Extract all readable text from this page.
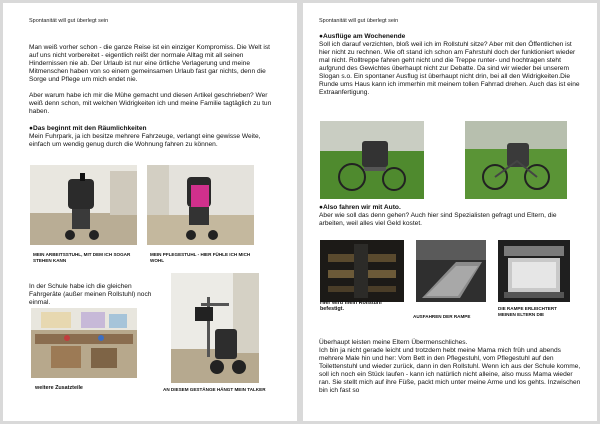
Spontanität will gut überlegt sein

Man weiß vorher schon - die ganze Reise ist ein einziger Kompromiss. Die Welt ist auf uns nicht vorbereitet - eigentlich reißt der normale Alltag mit all seinen Hindernissen nie ab. Der Urlaub ist nur eine örtliche Verlagerung und meine Mitmenschen haben von so einem gemeinsamen Urlaub fast gar nichts, denn die Sorge und Pflege um mich endet nie.

Aber warum habe ich mir die Mühe gemacht und diesen Artikel geschrieben? Wer weiß denn schon, mit welchen Widrigkeiten ich und meine Familie tagtäglich zu tun haben.

●Das beginnt mit den Räumlichkeiten

Mein Fuhrpark, ja ich besitze mehrere Fahrzeuge, verlangt eine gewisse Weite, einfach um wendig genug durch die Wohnung fahren zu können.

MEIN ARBEITSSTUHL, MIT DEM ICH SOGAR STEHEN KANN

MEIN PFLEGESTUHL - HIER FÜHLE ICH MICH WOHL

In der Schule habe ich die gleichen Fahrgeräte (außer meinen Rollstuhl) noch einmal.

weitere Zusatzteile	AN DIESEM GESTÄNGE HÄNGT MEIN TALKER

Spontanität will gut überlegt sein

●Ausflüge am Wochenende

Soll ich darauf verzichten, bloß weil ich im Rollstuhl sitze? Aber mit den Öffentlichen ist hier nicht zu rechnen. Wie oft stand ich schon am Fahrstuhl doch der funktioniert wieder mal nicht. Rolltreppe fahren geht nicht und die Treppe runter- und hochtragen steht aufgrund des Gewichtes überhaupt nicht zur Debatte. Da sind wir wieder bei unserem Slogan s.o. Ein spontaner Ausflug ist überhaupt nicht drin, bei all den Widrigkeiten.Die Runde ums Haus kann ich immerhin mit meinem tollen Fahrrad drehen. Auch das ist eine Extraanfertigung.

●Also fahren wir mit Auto.

Aber wie soll das denn gehen? Auch hier sind Spezialisten gefragt und Eltern, die arbeiten, weil alles viel Geld kostet.

Hier wird mein Rollstuhl befestigt.

AUSFAHREN DER RAMPE

DIE RAMPE ERLEICHTERT MEINEN ELTERN DIE

Überhaupt leisten meine Eltern Übermenschliches.
Ich bin ja nicht gerade leicht und trotzdem hebt meine Mama mich früh und abends mehrere Male hin und her: Vom Bett in den Pflegestuhl, vom Pflegestuhl auf den Toilettenstuhl und wieder zurück, dann in den Rollstuhl. Wenn ich aus der Schule komme, soll ich noch ein Stück laufen - kann ich natürlich nicht alleine, also muss Mama wieder ran. Sie stellt mich auf ihre Füße, packt mich unter meine Arme und los gehts. Inzwischen bin ich fast so
